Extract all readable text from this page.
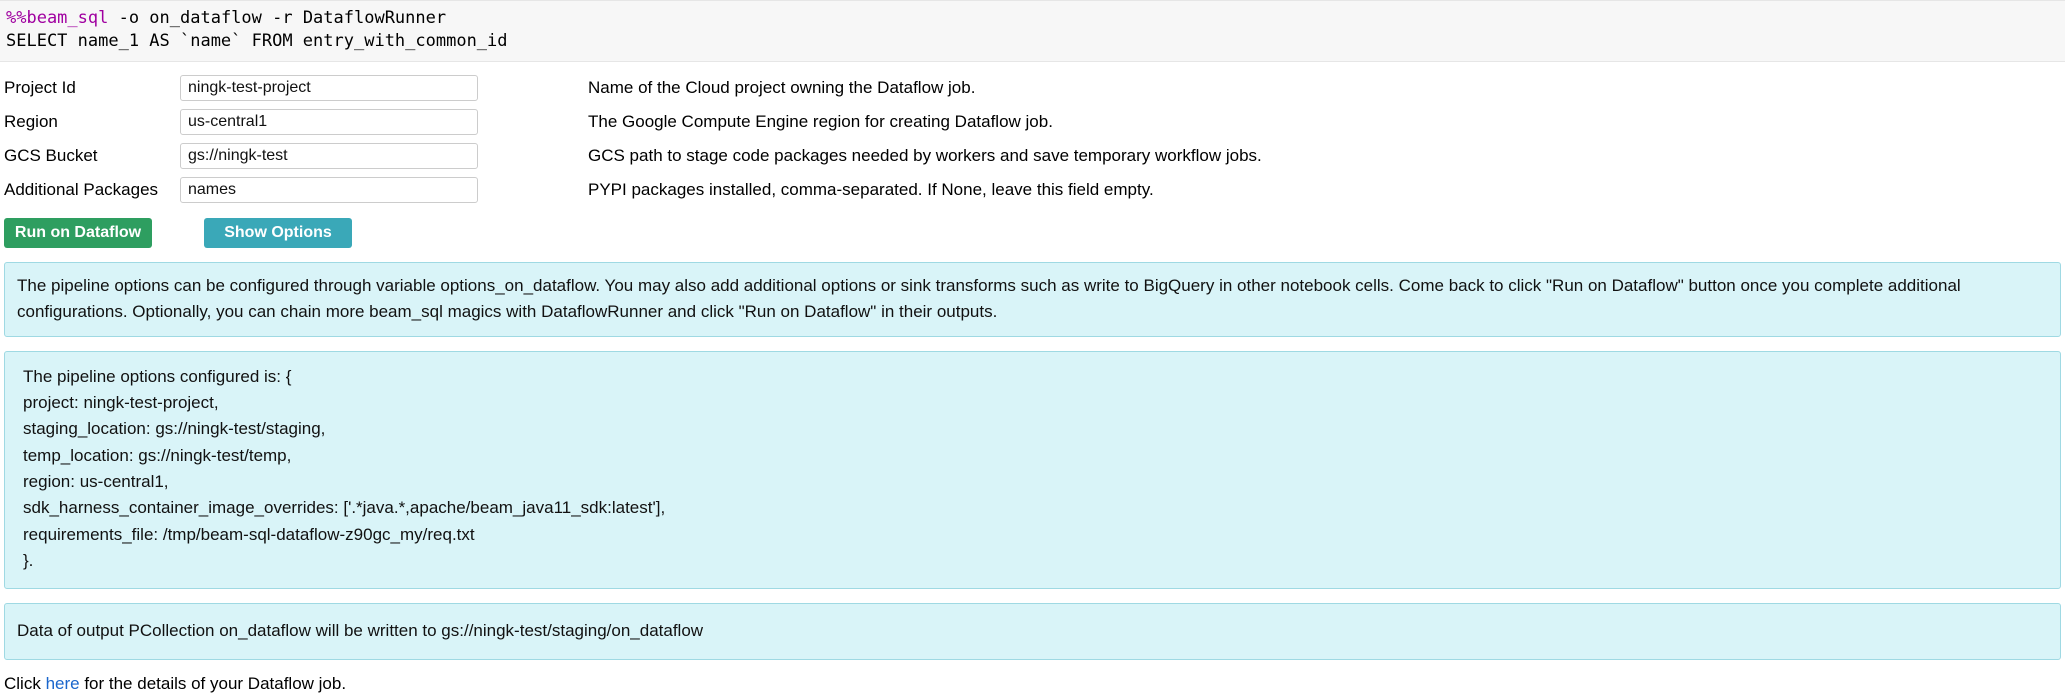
%%beam_sql -o on_dataflow -r DataflowRunner
SELECT name_1 AS `name` FROM entry_with_common_id
Project Id
ningk-test-project	Name of the Cloud project owning the Dataflow job.
Region
us-central1	The Google Compute Engine region for creating Dataflow job.
GCS Bucket
gs://ningk-test	GCS path to stage code packages needed by workers and save temporary workflow jobs.
Additional Packages
names	PYPI packages installed, comma-separated. If None, leave this field empty.
Run on Dataflow	Show Options

The pipeline options can be configured through variable options_on_dataflow. You may also add additional options or sink transforms such as write to BigQuery in other notebook cells. Come back to click "Run on Dataflow" button once you complete additional configurations. Optionally, you can chain more beam_sql magics with DataflowRunner and click "Run on Dataflow" in their outputs.

The pipeline options configured is: {
project: ningk-test-project,
staging_location: gs://ningk-test/staging,
temp_location: gs://ningk-test/temp,
region: us-central1,
sdk_harness_container_image_overrides: ['.*java.*,apache/beam_java11_sdk:latest'],
requirements_file: /tmp/beam-sql-dataflow-z90gc_my/req.txt
}.

Data of output PCollection on_dataflow will be written to gs://ningk-test/staging/on_dataflow

Click here for the details of your Dataflow job.
